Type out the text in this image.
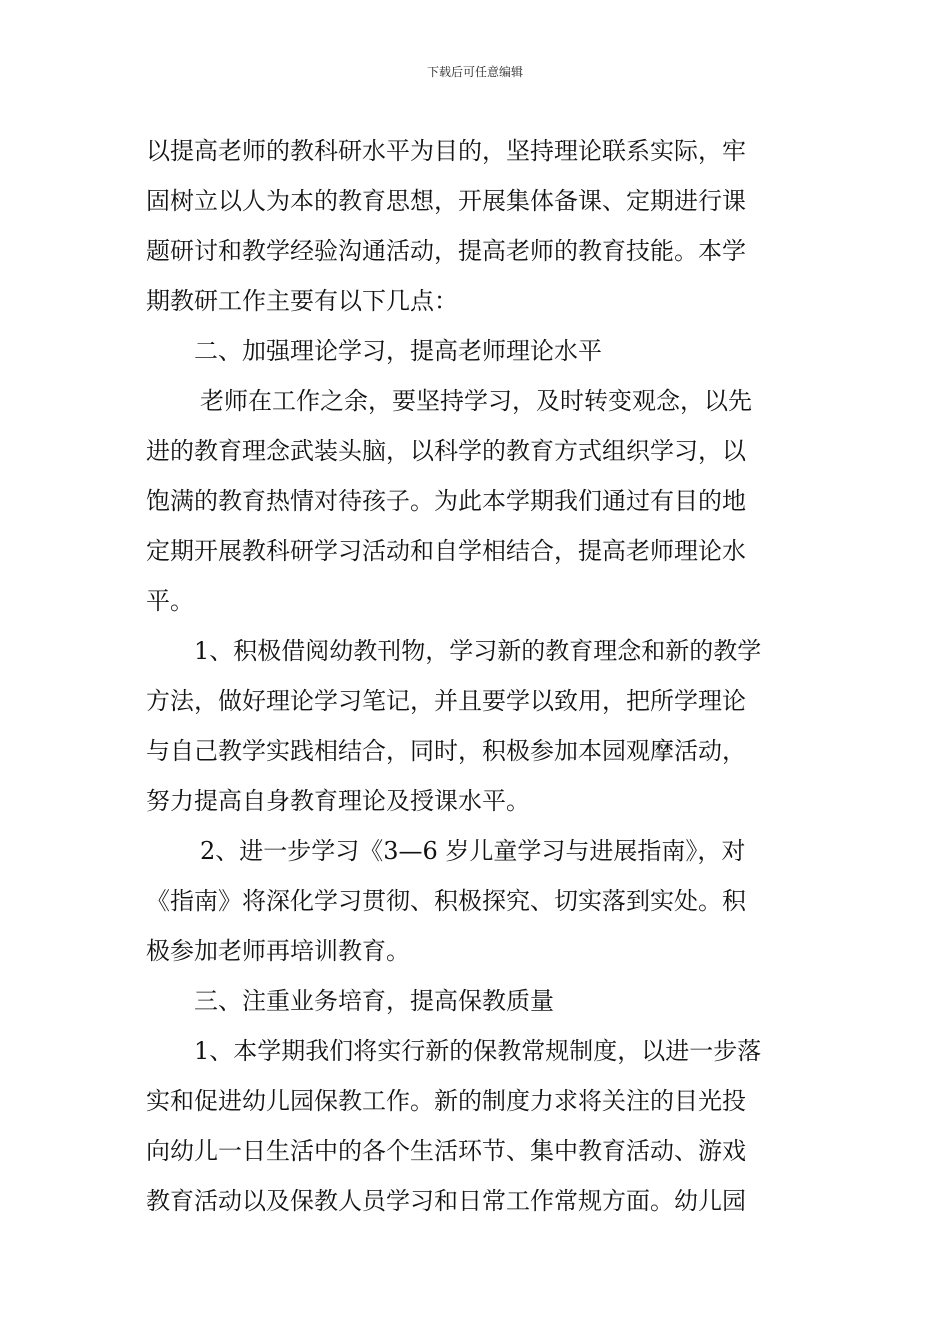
下载后可任意编辑
以提高老师的教科研水平为目的，坚持理论联系实际，牢
固树立以人为本的教育思想，开展集体备课、定期进行课
题研讨和教学经验沟通活动，提高老师的教育技能。本学
期教研工作主要有以下几点：
二、加强理论学习，提高老师理论水平
老师在工作之余，要坚持学习，及时转变观念，以先
进的教育理念武装头脑，以科学的教育方式组织学习，以
饱满的教育热情对待孩子。为此本学期我们通过有目的地
定期开展教科研学习活动和自学相结合，提高老师理论水
平。
1、积极借阅幼教刊物，学习新的教育理念和新的教学
方法，做好理论学习笔记，并且要学以致用，把所学理论
与自己教学实践相结合，同时，积极参加本园观摩活动，
努力提高自身教育理论及授课水平。
2、进一步学习《3—6 岁儿童学习与进展指南》，对
《指南》将深化学习贯彻、积极探究、切实落到实处。积
极参加老师再培训教育。
三、注重业务培育，提高保教质量
1、本学期我们将实行新的保教常规制度，以进一步落
实和促进幼儿园保教工作。新的制度力求将关注的目光投
向幼儿一日生活中的各个生活环节、集中教育活动、游戏
教育活动以及保教人员学习和日常工作常规方面。幼儿园
